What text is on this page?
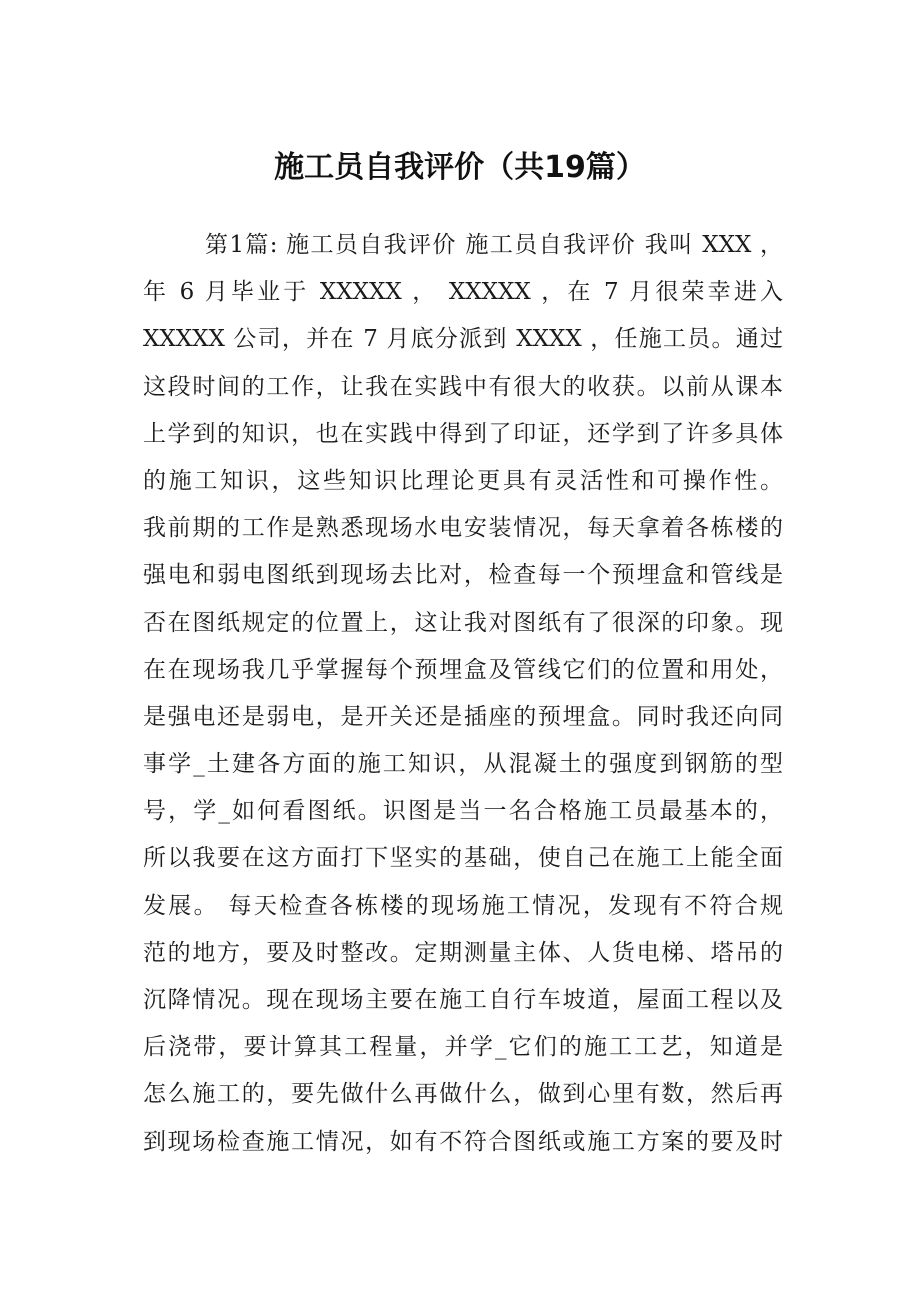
施工员自我评价（共19篇）
第1篇: 施工员自我评价 施工员自我评价 我叫 XXX ，
年 6 月毕业于 XXXXX ， XXXXX ，在 7 月很荣幸进入
XXXXX 公司，并在 7 月底分派到 XXXX ，任施工员。通过
这段时间的工作，让我在实践中有很大的收获。以前从课本
上学到的知识，也在实践中得到了印证，还学到了许多具体
的施工知识，这些知识比理论更具有灵活性和可操作性。
我前期的工作是熟悉现场水电安装情况，每天拿着各栋楼的
强电和弱电图纸到现场去比对，检查每一个预埋盒和管线是
否在图纸规定的位置上，这让我对图纸有了很深的印象。现
在在现场我几乎掌握每个预埋盒及管线它们的位置和用处，
是强电还是弱电，是开关还是插座的预埋盒。同时我还向同
事学_土建各方面的施工知识，从混凝土的强度到钢筋的型
号，学_如何看图纸。识图是当一名合格施工员最基本的，
所以我要在这方面打下坚实的基础，使自己在施工上能全面
发展。 每天检查各栋楼的现场施工情况，发现有不符合规
范的地方，要及时整改。定期测量主体、人货电梯、塔吊的
沉降情况。现在现场主要在施工自行车坡道，屋面工程以及
后浇带，要计算其工程量，并学_它们的施工工艺，知道是
怎么施工的，要先做什么再做什么，做到心里有数，然后再
到现场检查施工情况，如有不符合图纸或施工方案的要及时
